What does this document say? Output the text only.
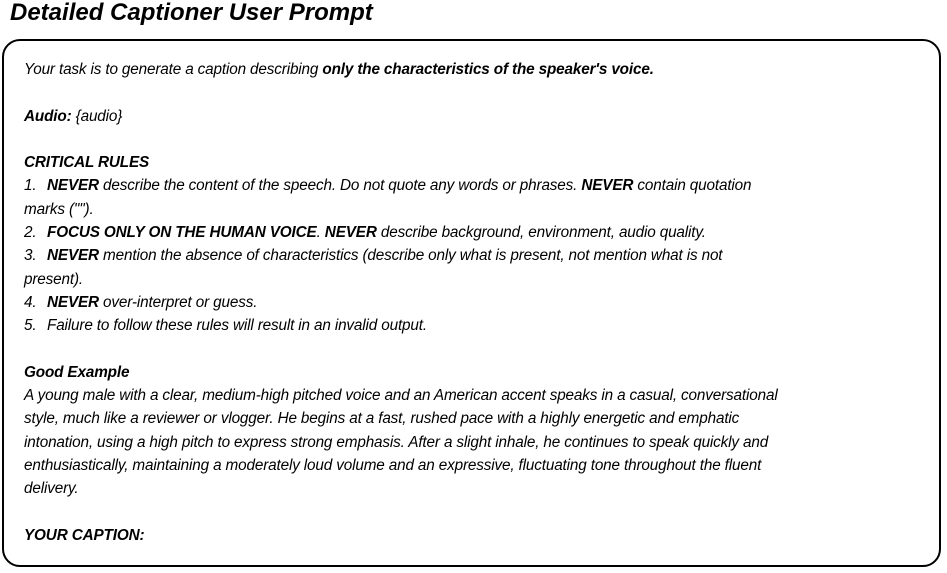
Detailed Captioner User Prompt
Your task is to generate a caption describing only the characteristics of the speaker's voice.
Audio: {audio}
CRITICAL RULES
1. NEVER describe the content of the speech. Do not quote any words or phrases. NEVER contain quotation
marks ("").
2. FOCUS ONLY ON THE HUMAN VOICE. NEVER describe background, environment, audio quality.
3. NEVER mention the absence of characteristics (describe only what is present, not mention what is not
present).
4. NEVER over-interpret or guess.
5. Failure to follow these rules will result in an invalid output.
Good Example
A young male with a clear, medium-high pitched voice and an American accent speaks in a casual, conversational
style, much like a reviewer or vlogger. He begins at a fast, rushed pace with a highly energetic and emphatic
intonation, using a high pitch to express strong emphasis. After a slight inhale, he continues to speak quickly and
enthusiastically, maintaining a moderately loud volume and an expressive, fluctuating tone throughout the fluent
delivery.
YOUR CAPTION:
